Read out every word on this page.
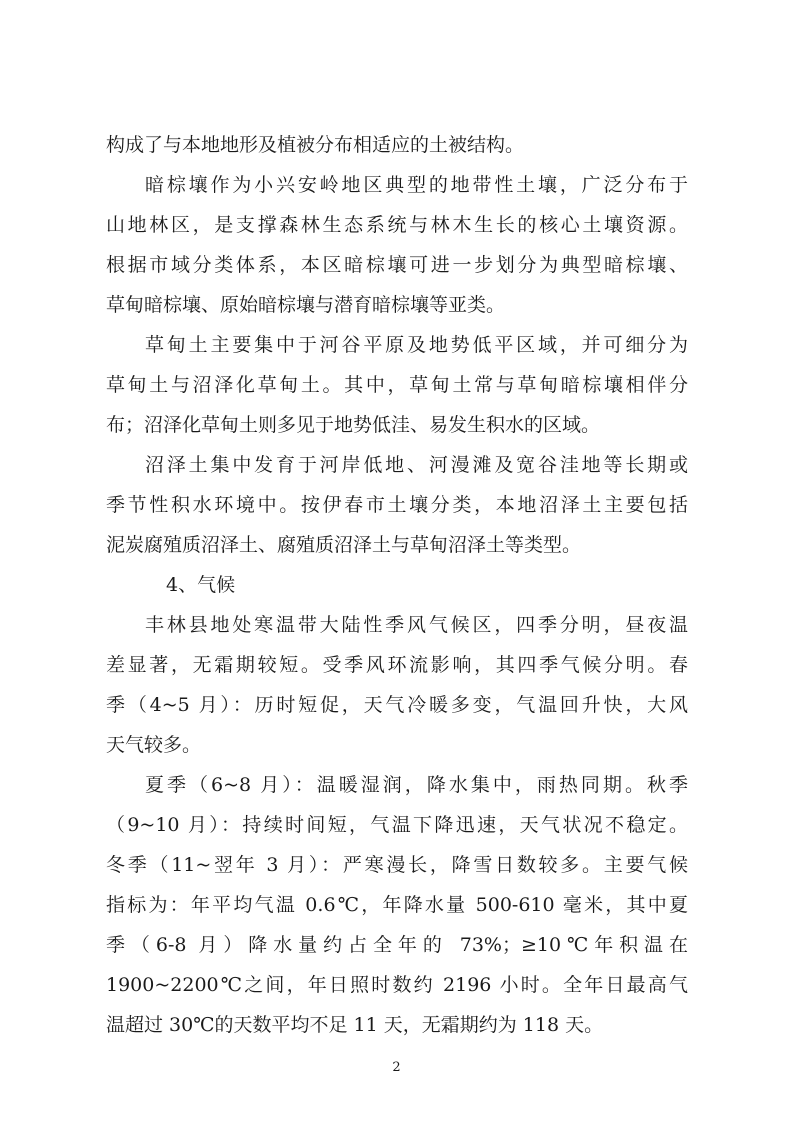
构成了与本地地形及植被分布相适应的土被结构。
暗棕壤作为小兴安岭地区典型的地带性土壤，广泛分布于
山地林区，是支撑森林生态系统与林木生长的核心土壤资源。
根据市域分类体系，本区暗棕壤可进一步划分为典型暗棕壤、
草甸暗棕壤、原始暗棕壤与潜育暗棕壤等亚类。
草甸土主要集中于河谷平原及地势低平区域，并可细分为
草甸土与沼泽化草甸土。其中，草甸土常与草甸暗棕壤相伴分
布；沼泽化草甸土则多见于地势低洼、易发生积水的区域。
沼泽土集中发育于河岸低地、河漫滩及宽谷洼地等长期或
季节性积水环境中。按伊春市土壤分类，本地沼泽土主要包括
泥炭腐殖质沼泽土、腐殖质沼泽土与草甸沼泽土等类型。
4、气候
丰林县地处寒温带大陆性季风气候区，四季分明，昼夜温
差显著，无霜期较短。受季风环流影响，其四季气候分明。春
季（4~5 月）：历时短促，天气冷暖多变，气温回升快，大风
天气较多。
夏季（6~8 月）：温暖湿润，降水集中，雨热同期。秋季
（9~10 月）：持续时间短，气温下降迅速，天气状况不稳定。
冬季（11~翌年 3 月）：严寒漫长，降雪日数较多。主要气候
指标为：年平均气温 0.6℃，年降水量 500-610 毫米，其中夏
季（6-8 月）降水量约占全年的 73%；≥10℃年积温在
1900~2200℃之间，年日照时数约 2196 小时。全年日最高气
温超过 30℃的天数平均不足 11 天，无霜期约为 118 天。
2
